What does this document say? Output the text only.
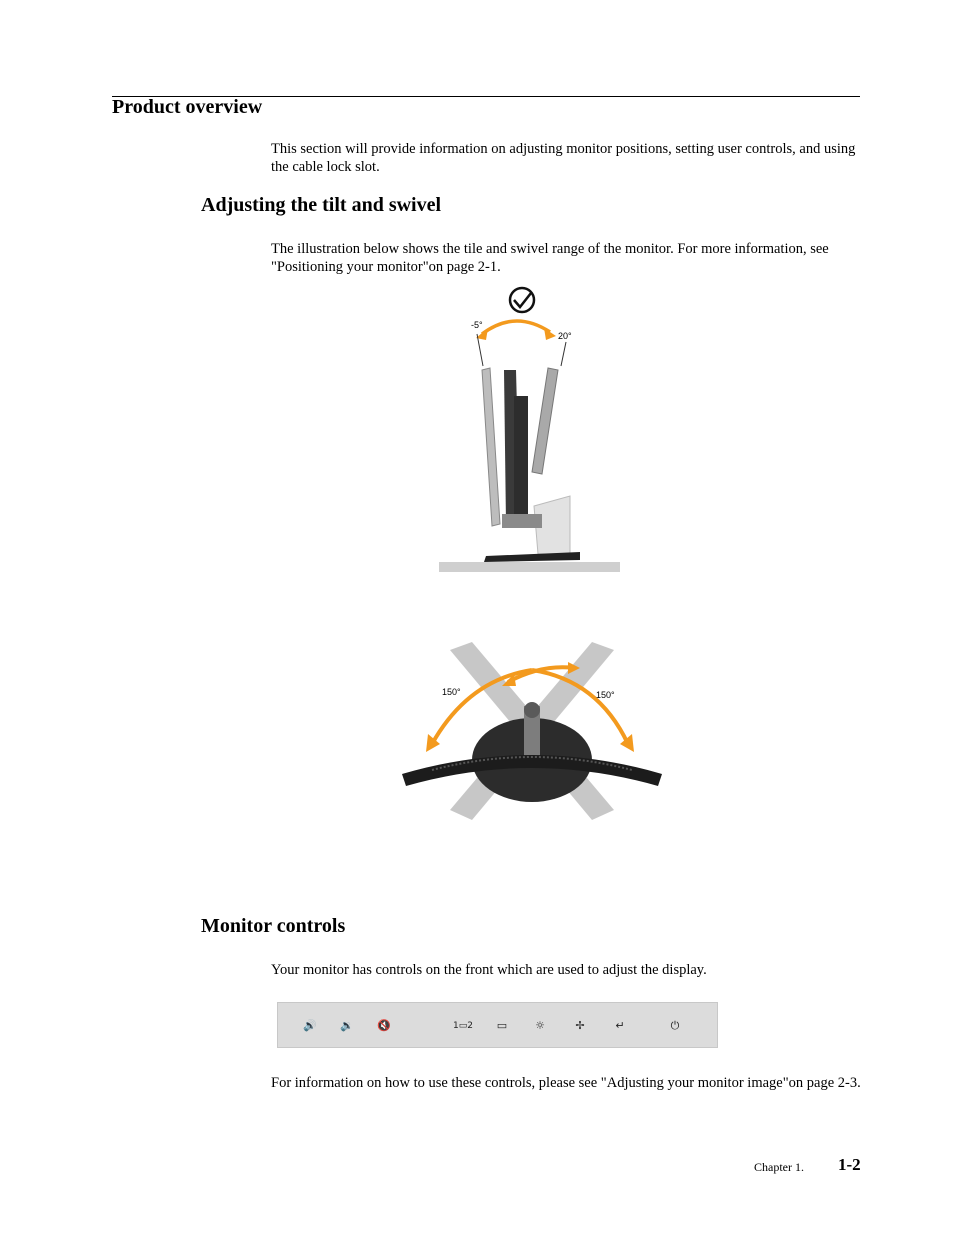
Product overview

This section will provide information on adjusting monitor positions, setting user controls, and using the cable lock slot.

Adjusting the tilt and swivel

The illustration below shows the tile and swivel range of the monitor. For more information, see "Positioning your monitor"on page 2-1.

-5°
20°
150°	150°
Monitor controls

Your monitor has controls on the front which are used to adjust the display.

🔊 🔉 🔇	1▭2	▭	☼	✢	↵	⏻

For information on how to use these controls, please see "Adjusting your monitor image"on page 2-3.

Chapter 1. 1-2
